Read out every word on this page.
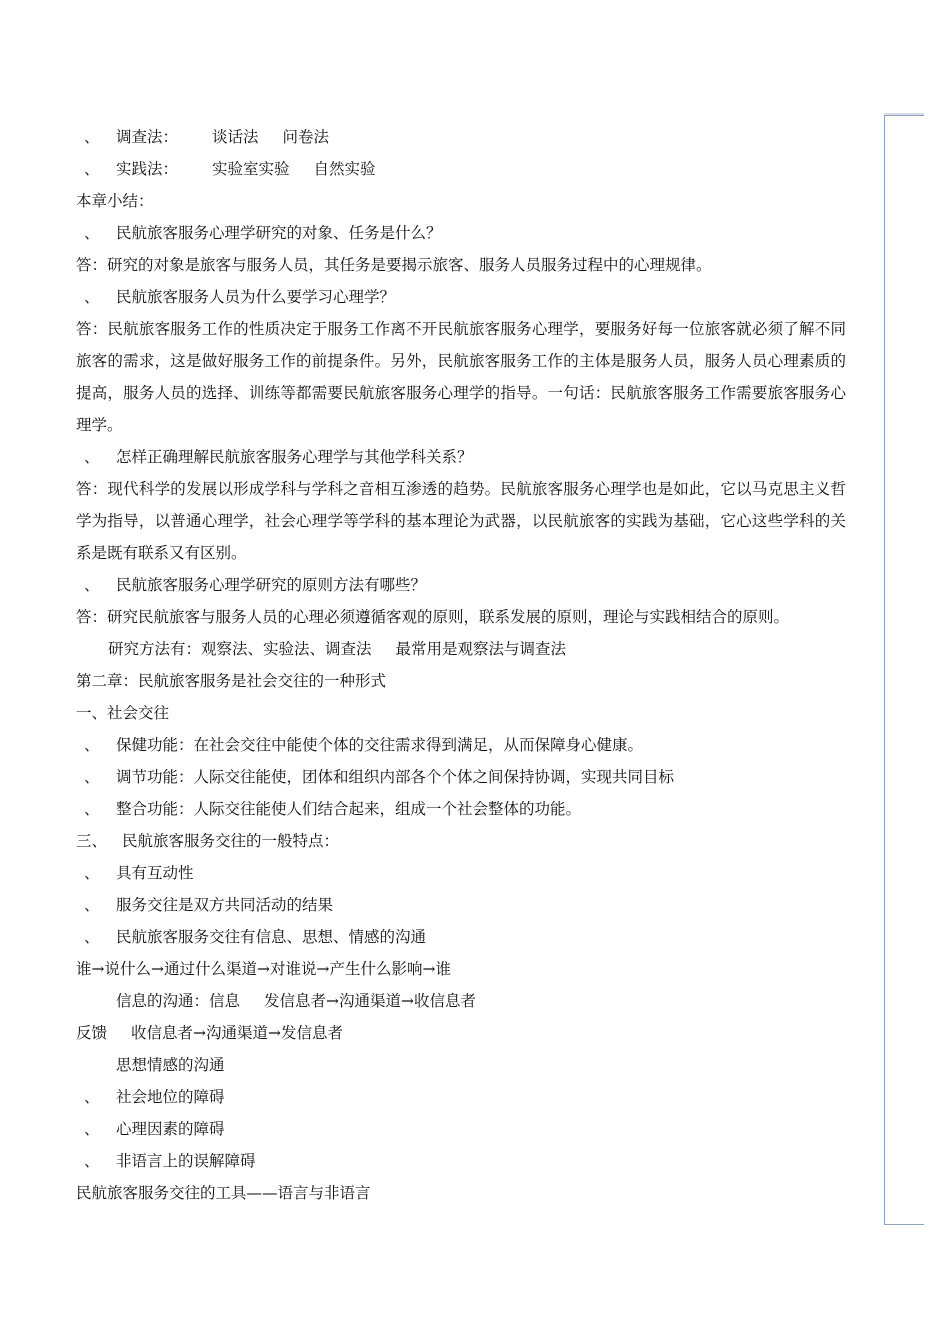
、 调查法： 谈话法 问卷法
、 实践法： 实验室实验 自然实验
本章小结：
、 民航旅客服务心理学研究的对象、任务是什么？
答：研究的对象是旅客与服务人员，其任务是要揭示旅客、服务人员服务过程中的心理规律。
、 民航旅客服务人员为什么要学习心理学？
答：民航旅客服务工作的性质决定于服务工作离不开民航旅客服务心理学，要服务好每一位旅客就必须了解不同旅客的需求，这是做好服务工作的前提条件。另外，民航旅客服务工作的主体是服务人员，服务人员心理素质的提高，服务人员的选择、训练等都需要民航旅客服务心理学的指导。一句话：民航旅客服务工作需要旅客服务心理学。
、 怎样正确理解民航旅客服务心理学与其他学科关系？
答：现代科学的发展以形成学科与学科之音相互渗透的趋势。民航旅客服务心理学也是如此，它以马克思主义哲学为指导，以普通心理学，社会心理学等学科的基本理论为武器，以民航旅客的实践为基础，它心这些学科的关系是既有联系又有区别。
、 民航旅客服务心理学研究的原则方法有哪些？
答：研究民航旅客与服务人员的心理必须遵循客观的原则，联系发展的原则，理论与实践相结合的原则。
研究方法有：观察法、实验法、调查法 最常用是观察法与调查法
第二章：民航旅客服务是社会交往的一种形式
一、社会交往
、 保健功能：在社会交往中能使个体的交往需求得到满足，从而保障身心健康。
、 调节功能：人际交往能使，团体和组织内部各个个体之间保持协调，实现共同目标
、 整合功能：人际交往能使人们结合起来，组成一个社会整体的功能。
三、 民航旅客服务交往的一般特点：
、 具有互动性
、 服务交往是双方共同活动的结果
、 民航旅客服务交往有信息、思想、情感的沟通
谁→说什么→通过什么渠道→对谁说→产生什么影响→谁
信息的沟通：信息 发信息者→沟通渠道→收信息者
反馈 收信息者→沟通渠道→发信息者
思想情感的沟通
、 社会地位的障碍
、 心理因素的障碍
、 非语言上的误解障碍
民航旅客服务交往的工具——语言与非语言
